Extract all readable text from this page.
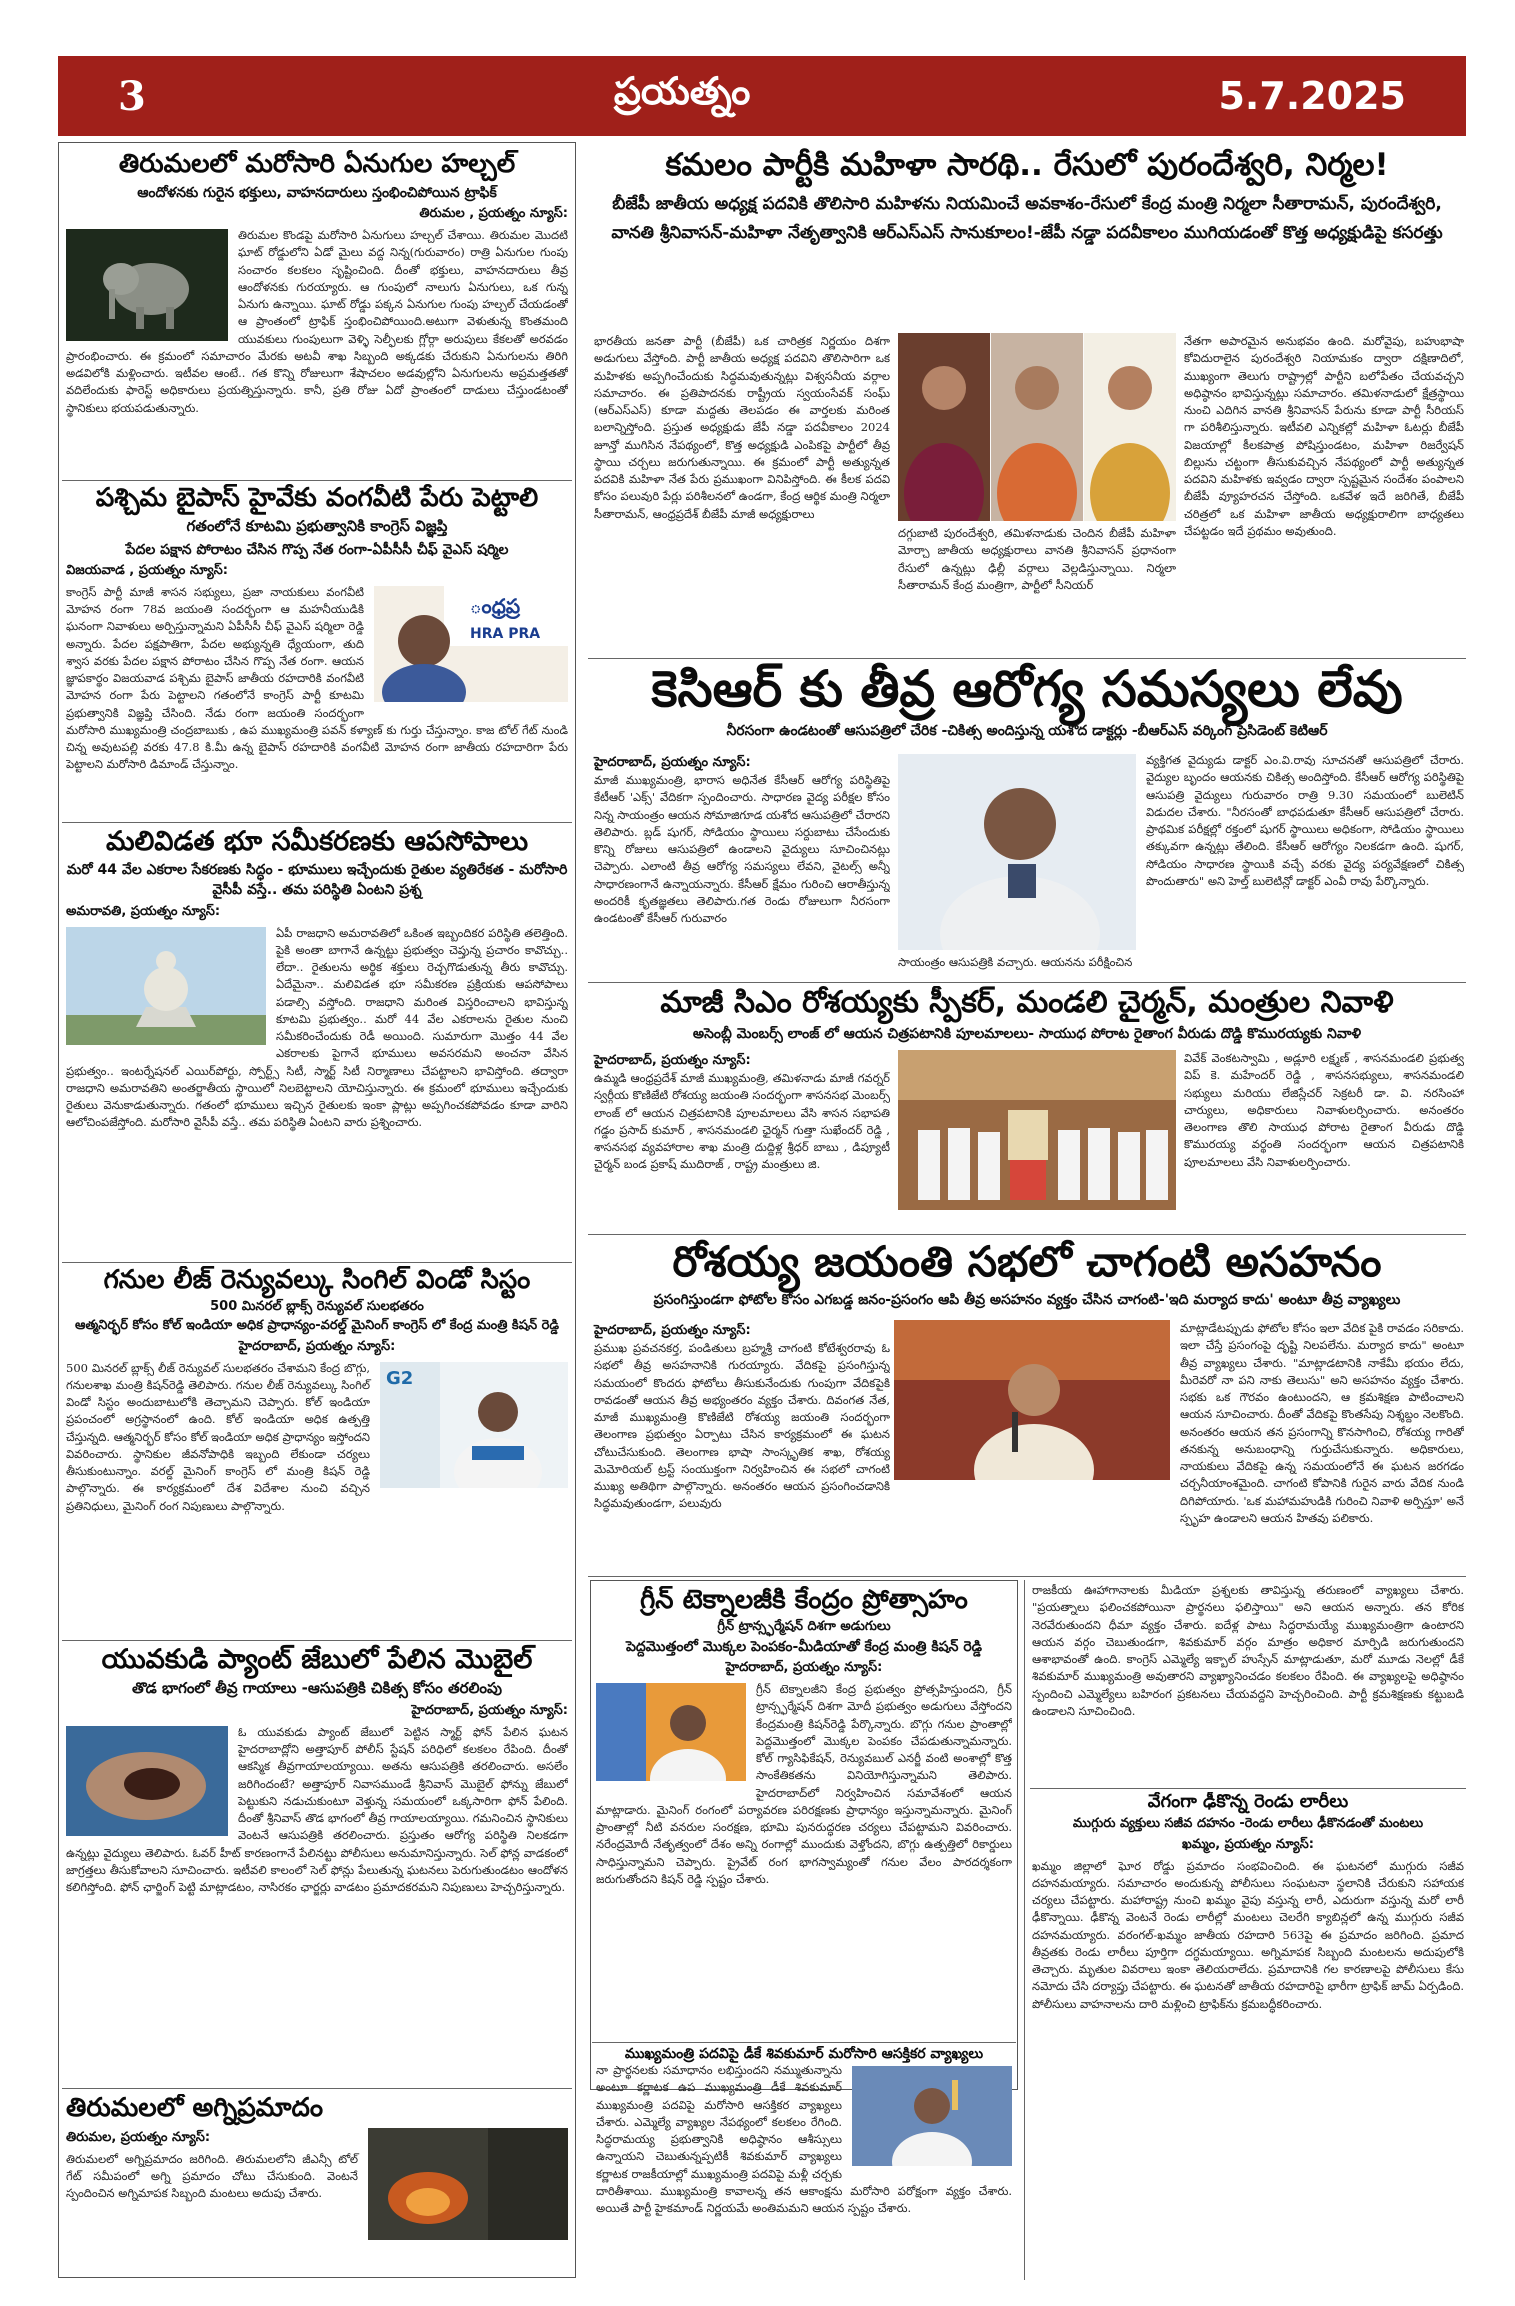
3	ప్రయత్నం	5.7.2025
తిరుమలలో మరోసారి ఏనుగుల హల్చల్
ఆందోళనకు గురైన భక్తులు, వాహనదారులు స్తంభించిపోయిన ట్రాఫిక్
తిరుమల , ప్రయత్నం న్యూస్:
తిరుమల కొండపై మరోసారి ఏనుగులు హల్చల్ చేశాయి. తిరుమల మొదటి ఘాట్ రోడ్డులోని ఏడో మైలు వద్ద నిన్న(గురువారం) రాత్రి ఏనుగుల గుంపు సంచారం కలకలం సృష్టించింది. దీంతో భక్తులు, వాహనదారులు తీవ్ర ఆందోళనకు గురయ్యారు. ఆ గుంపులో నాలుగు ఏనుగులు, ఒక గున్న ఏనుగు ఉన్నాయి. ఘాట్ రోడ్డు పక్కన ఏనుగుల గుంపు హల్చల్ చేయడంతో ఆ ప్రాంతంలో ట్రాఫిక్ స్తంభించిపోయింది.అటుగా వెళుతున్న కొంతమంది యువకులు గుంపులుగా వెళ్ళి సెల్ఫీలకు గ్లోర్గా అరుపులు కేకలతో అరవడం ప్రారంభించారు. ఈ క్రమంలో సమాచారం మేరకు అటవీ శాఖ సిబ్బంది అక్కడకు చేరుకుని ఏనుగులను తిరిగి అడవిలోకి మళ్లించారు. ఇటీవల ఆంటే.. గత కొన్ని రోజులుగా శేషాచలం అడవుల్లోని ఏనుగులను అప్రమత్తతతో వదిలేందుకు ఫారెస్ట్ అధికారులు ప్రయత్నిస్తున్నారు. కానీ, ప్రతి రోజు ఏదో ప్రాంతంలో దాడులు చేస్తుండటంతో స్థానికులు భయపడుతున్నారు.
పశ్చిమ బైపాస్ హైవేకు వంగవీటి పేరు పెట్టాలి
గతంలోనే కూటమి ప్రభుత్వానికి కాంగ్రెస్ విజ్ఞప్తి
పేదల పక్షాన పోరాటం చేసిన గొప్ప నేత రంగా-ఏపీసీసీ చీఫ్ వైఎస్ షర్మిల
విజయవాడ , ప్రయత్నం న్యూస్:
ంధ్రప్ర
HRA PRA
కాంగ్రెస్ పార్టీ మాజీ శాసన సభ్యులు, ప్రజా నాయకులు వంగవీటి మోహన రంగా 78వ జయంతి సందర్భంగా ఆ మహనీయుడికి ఘనంగా నివాళులు అర్పిస్తున్నామని ఏపీసీసీ చీఫ్ వైఎస్ షర్మిలా రెడ్డి అన్నారు. పేదల పక్షపాతిగా, పేదల అభ్యున్నతి ధ్యేయంగా, తుది శ్వాస వరకు పేదల పక్షాన పోరాటం చేసిన గొప్ప నేత రంగా. ఆయన జ్ఞాపకార్థం విజయవాడ పశ్చిమ బైపాస్ జాతీయ రహదారికి వంగవీటి మోహన రంగా పేరు పెట్టాలని గతంలోనే కాంగ్రెస్ పార్టీ కూటమి ప్రభుత్వానికి విజ్ఞప్తి చేసింది. నేడు రంగా జయంతి సందర్భంగా మరోసారి ముఖ్యమంత్రి చంద్రబాబుకు , ఉప ముఖ్యమంత్రి పవన్ కళ్యాణ్ కు గుర్తు చేస్తున్నాం. కాజ టోల్ గేట్ నుండి చిన్న అవుటపల్లి వరకు 47.8 కి.మీ ఉన్న బైపాస్ రహదారికి వంగవీటి మోహన రంగా జాతీయ రహదారిగా పేరు పెట్టాలని మరోసారి డిమాండ్ చేస్తున్నాం.
మలివిడత భూ సమీకరణకు ఆపసోపాలు
మరో 44 వేల ఎకరాల సేకరణకు సిద్ధం - భూములు ఇచ్చేందుకు రైతుల వ్యతిరేకత - మరోసారి వైసీపీ వస్తే.. తమ పరిస్థితి ఏంటని ప్రశ్న
అమరావతి, ప్రయత్నం న్యూస్:
ఏపీ రాజధాని అమరావతిలో ఒకింత ఇబ్బందికర పరిస్థితి తలెత్తింది. పైకి అంతా బాగానే ఉన్నట్టు ప్రభుత్వం చెప్తున్న ప్రచారం కావొచ్చు.. లేదా.. రైతులను అర్థిక శక్తులు రెచ్చగొడుతున్న తీరు కావొచ్చు. ఏదేమైనా.. మలివిడత భూ సమీకరణ ప్రక్రియకు ఆపసోపాలు పడాల్సి వస్తోంది. రాజధాని మరింత విస్తరించాలని భావిస్తున్న కూటమి ప్రభుత్వం.. మరో 44 వేల ఎకరాలను రైతుల నుంచి సమీకరించేందుకు రెడీ అయింది. సుమారుగా మొత్తం 44 వేల ఎకరాలకు పైగానే భూములు అవసరమని అంచనా వేసిన ప్రభుత్వం.. ఇంటర్నేషనల్ ఎయిర్‌పోర్టు, స్పోర్ట్స్ సిటీ, స్మార్ట్ సిటీ నిర్మాణాలు చేపట్టాలని భావిస్తోంది. తద్వారా రాజధాని అమరావతిని అంతర్జాతీయ స్థాయిలో నిలబెట్టాలని యోచిస్తున్నారు. ఈ క్రమంలో భూములు ఇచ్చేందుకు రైతులు వెనుకాడుతున్నారు. గతంలో భూములు ఇచ్చిన రైతులకు ఇంకా ప్లాట్లు అప్పగించకపోవడం కూడా వారిని ఆలోచింపజేస్తోంది. మరోసారి వైసీపీ వస్తే.. తమ పరిస్థితి ఏంటని వారు ప్రశ్నించారు.
గనుల లీజ్ రెన్యువల్కు సింగిల్ విండో సిస్టం
500 మినరల్ బ్లాక్స్ రెన్యువల్ సులభతరం
ఆత్మనిర్భర్ కోసం కోల్ ఇండియా అధిక ప్రాధాన్యం-వరల్డ్ మైనింగ్ కాంగ్రెస్ లో కేంద్ర మంత్రి కిషన్ రెడ్డి
హైదరాబాద్, ప్రయత్నం న్యూస్:
G2
500 మినరల్ బ్లాక్స్ లీజ్ రెన్యువల్ సులభతరం చేశామని కేంద్ర బొగ్గు, గనులశాఖ మంత్రి కిషన్‌రెడ్డి తెలిపారు. గనుల లీజ్ రెన్యువల్కు సింగిల్ విండో సిస్టం అందుబాటులోకి తెచ్చామని చెప్పారు. కోల్ ఇండియా ప్రపంచంలో అగ్రస్థానంలో ఉంది. కోల్ ఇండియా అధిక ఉత్పత్తి చేస్తున్నది. ఆత్మనిర్భర్ కోసం కోల్ ఇండియా అధిక ప్రాధాన్యం ఇస్తోందని వివరించారు. స్థానికుల జీవనోపాధికి ఇబ్బంది లేకుండా చర్యలు తీసుకుంటున్నాం. వరల్డ్ మైనింగ్ కాంగ్రెస్ లో మంత్రి కిషన్ రెడ్డి పాల్గొన్నారు. ఈ కార్యక్రమంలో దేశ విదేశాల నుంచి వచ్చిన ప్రతినిధులు, మైనింగ్ రంగ నిపుణులు పాల్గొన్నారు.
యువకుడి ప్యాంట్ జేబులో పేలిన మొబైల్
తొడ భాగంలో తీవ్ర గాయాలు -ఆసుపత్రికి చికిత్స కోసం తరలింపు
హైదరాబాద్, ప్రయత్నం న్యూస్:
ఓ యువకుడు ప్యాంట్ జేబులో పెట్టిన స్మార్ట్ ఫోన్ పేలిన ఘటన హైదరాబాద్లోని అత్తాపూర్ పోలీస్ స్టేషన్ పరిధిలో కలకలం రేపింది. దీంతో ఆకస్మిక తీవ్రగాయాలయ్యాయి. అతను ఆసుపత్రికి తరలించారు. అసలేం జరిగిందంటే? అత్తాపూర్ నివాసముండే శ్రీనివాస్ మొబైల్ ఫోన్ను జేబులో పెట్టుకుని నడుచుకుంటూ వెళ్తున్న సమయంలో ఒక్కసారిగా ఫోన్ పేలింది. దీంతో శ్రీనివాస్ తొడ భాగంలో తీవ్ర గాయాలయ్యాయి. గమనించిన స్థానికులు వెంటనే ఆసుపత్రికి తరలించారు. ప్రస్తుతం ఆరోగ్య పరిస్థితి నిలకడగా ఉన్నట్లు వైద్యులు తెలిపారు. ఓవర్ హీట్ కారణంగానే పేలినట్టు పోలీసులు అనుమానిస్తున్నారు. సెల్ ఫోన్ల వాడకంలో జాగ్రత్తలు తీసుకోవాలని సూచించారు. ఇటీవలి కాలంలో సెల్ ఫోన్లు పేలుతున్న ఘటనలు పెరుగుతుండటం ఆందోళన కలిగిస్తోంది. ఫోన్ ఛార్జింగ్ పెట్టి మాట్లాడటం, నాసిరకం ఛార్జర్లు వాడటం ప్రమాదకరమని నిపుణులు హెచ్చరిస్తున్నారు.
తిరుమలలో అగ్నిప్రమాదం
తిరుమల, ప్రయత్నం న్యూస్:
తిరుమలలో అగ్నిప్రమాదం జరిగింది. తిరుమలలోని జీఎన్సీ టోల్ గేట్ సమీపంలో అగ్ని ప్రమాదం చోటు చేసుకుంది. వెంటనే స్పందించిన అగ్నిమాపక సిబ్బంది మంటలు అదుపు చేశారు.
కమలం పార్టీకి మహిళా సారథి.. రేసులో పురందేశ్వరి, నిర్మల!
బీజేపీ జాతీయ అధ్యక్ష పదవికి తొలిసారి మహిళను నియమించే అవకాశం-రేసులో కేంద్ర మంత్రి నిర్మలా సీతారామన్, పురందేశ్వరి, వానతి శ్రీనివాసన్-మహిళా నేతృత్వానికి ఆర్ఎస్ఎస్ సానుకూలం!-జేపీ నడ్డా పదవీకాలం ముగియడంతో కొత్త అధ్యక్షుడిపై కసరత్తు
భారతీయ జనతా పార్టీ (బీజేపీ) ఒక చారిత్రక నిర్ణయం దిశగా అడుగులు వేస్తోంది. పార్టీ జాతీయ అధ్యక్ష పదవిని తొలిసారిగా ఒక మహిళకు అప్పగించేందుకు సిద్ధమవుతున్నట్లు విశ్వసనీయ వర్గాల సమాచారం. ఈ ప్రతిపాదనకు రాష్ట్రీయ స్వయంసేవక్ సంఘ్ (ఆర్ఎస్ఎస్) కూడా మద్దతు తెలపడం ఈ వార్తలకు మరింత బలాన్నిస్తోంది. ప్రస్తుత అధ్యక్షుడు జేపీ నడ్డా పదవీకాలం 2024 జూన్తో ముగిసిన నేపథ్యంలో, కొత్త అధ్యక్షుడి ఎంపికపై పార్టీలో తీవ్ర స్థాయి చర్చలు జరుగుతున్నాయి. ఈ క్రమంలో పార్టీ అత్యున్నత పదవికి మహిళా నేత పేరు ప్రముఖంగా వినిపిస్తోంది. ఈ కీలక పదవి కోసం పలువురి పేర్లు పరిశీలనలో ఉండగా, కేంద్ర ఆర్థిక మంత్రి నిర్మలా సీతారామన్, ఆంధ్రప్రదేశ్ బీజేపీ మాజీ అధ్యక్షురాలు
దగ్గుబాటి పురందేశ్వరి, తమిళనాడుకు చెందిన బీజేపీ మహిళా మోర్చా జాతీయ అధ్యక్షురాలు వానతి శ్రీనివాసన్ ప్రధానంగా రేసులో ఉన్నట్లు ఢిల్లీ వర్గాలు వెల్లడిస్తున్నాయి. నిర్మలా సీతారామన్ కేంద్ర మంత్రిగా, పార్టీలో సీనియర్
నేతగా అపారమైన అనుభవం ఉంది. మరోవైపు, బహుభాషా కోవిదురాలైన పురందేశ్వరి నియామకం ద్వారా దక్షిణాదిలో, ముఖ్యంగా తెలుగు రాష్ట్రాల్లో పార్టీని బలోపేతం చేయవచ్చని అధిష్ఠానం భావిస్తున్నట్లు సమాచారం. తమిళనాడులో క్షేత్రస్థాయి నుంచి ఎదిగిన వానతి శ్రీనివాసన్ పేరును కూడా పార్టీ సీరియస్ గా పరిశీలిస్తున్నారు. ఇటీవలి ఎన్నికల్లో మహిళా ఓటర్లు బీజేపీ విజయాల్లో కీలకపాత్ర పోషిస్తుండటం, మహిళా రిజర్వేషన్ బిల్లును చట్టంగా తీసుకువచ్చిన నేపథ్యంలో పార్టీ అత్యున్నత పదవిని మహిళకు ఇవ్వడం ద్వారా స్పష్టమైన సందేశం పంపాలని బీజేపీ వ్యూహరచన చేస్తోంది. ఒకవేళ ఇదే జరిగితే, బీజేపీ చరిత్రలో ఒక మహిళా జాతీయ అధ్యక్షురాలిగా బాధ్యతలు చేపట్టడం ఇదే ప్రథమం అవుతుంది.
కెసిఆర్ కు తీవ్ర ఆరోగ్య సమస్యలు లేవు
నీరసంగా ఉండటంతో ఆసుపత్రిలో చేరిక -చికిత్స అందిస్తున్న యశోద డాక్టర్లు -బీఆర్ఎస్ వర్కింగ్ ప్రెసిడెంట్ కెటిఆర్
హైదరాబాద్, ప్రయత్నం న్యూస్:
మాజీ ముఖ్యమంత్రి, భారాస అధినేత కేసీఆర్ ఆరోగ్య పరిస్థితిపై కేటీఆర్ 'ఎక్స్' వేదికగా స్పందించారు. సాధారణ వైద్య పరీక్షల కోసం నిన్న సాయంత్రం ఆయన సోమాజిగూడ యశోద ఆసుపత్రిలో చేరారని తెలిపారు. బ్లడ్ షుగర్, సోడియం స్థాయిలు సర్దుబాటు చేసేందుకు కొన్ని రోజులు ఆసుపత్రిలో ఉండాలని వైద్యులు సూచించినట్లు చెప్పారు. ఎలాంటి తీవ్ర ఆరోగ్య సమస్యలు లేవని, వైటల్స్ అన్నీ సాధారణంగానే ఉన్నాయన్నారు. కేసీఆర్ క్షేమం గురించి ఆరాతీస్తున్న అందరికీ కృతజ్ఞతలు తెలిపారు.గత రెండు రోజులుగా నీరసంగా ఉండటంతో కేసీఆర్ గురువారం
సాయంత్రం ఆసుపత్రికి వచ్చారు. ఆయనను పరీక్షించిన
వ్యక్తిగత వైద్యుడు డాక్టర్ ఎం.వి.రావు సూచనతో ఆసుపత్రిలో చేరారు. వైద్యుల బృందం ఆయనకు చికిత్స అందిస్తోంది. కేసీఆర్ ఆరోగ్య పరిస్థితిపై ఆసుపత్రి వైద్యులు గురువారం రాత్రి 9.30 సమయంలో బులెటిన్ విడుదల చేశారు. "నీరసంతో బాధపడుతూ కేసీఆర్ ఆసుపత్రిలో చేరారు. ప్రాథమిక పరీక్షల్లో రక్తంలో షుగర్ స్థాయిలు అధికంగా, సోడియం స్థాయిలు తక్కువగా ఉన్నట్లు తేలింది. కేసీఆర్ ఆరోగ్యం నిలకడగా ఉంది. షుగర్, సోడియం సాధారణ స్థాయికి వచ్చే వరకు వైద్య పర్యవేక్షణలో చికిత్స పొందుతారు" అని హెల్త్ బులెటిన్లో డాక్టర్ ఎంవీ రావు పేర్కొన్నారు.
మాజీ సిఎం రోశయ్యకు స్పీకర్, మండలి చైర్మన్, మంత్రుల నివాళి
అసెంబ్లీ మెంబర్స్ లాంజ్ లో ఆయన చిత్రపటానికి పూలమాలలు- సాయుధ పోరాట రైతాంగ వీరుడు దొడ్డి కొమురయ్యకు నివాళి
హైదరాబాద్, ప్రయత్నం న్యూస్:
ఉమ్మడి ఆంధ్రప్రదేశ్ మాజీ ముఖ్యమంత్రి, తమిళనాడు మాజీ గవర్నర్ స్వర్గీయ కొణిజేటి రోశయ్య జయంతి సందర్భంగా శాసనసభ మెంబర్స్ లాంజ్ లో ఆయన చిత్రపటానికి పూలమాలలు వేసి శాసన సభాపతి గడ్డం ప్రసాద్ కుమార్ , శాసనమండలి ఛైర్మన్ గుత్తా సుఖేందర్ రెడ్డి , శాసనసభ వ్యవహారాల శాఖ మంత్రి దుద్దిళ్ల శ్రీధర్ బాబు , డిప్యూటీ చైర్మన్ బండ ప్రకాష్ ముదిరాజ్ , రాష్ట్ర మంత్రులు జి.
వివేక్ వెంకటస్వామి , అడ్లూరి లక్ష్మణ్ , శాసనమండలి ప్రభుత్వ విప్ కె. మహేందర్ రెడ్డి , శాసనసభ్యులు, శాసనమండలి సభ్యులు మరియు లేజిస్లేచర్ సెక్రటరీ డా. వి. నరసింహా చార్యులు, అధికారులు నివాళులర్పించారు. అనంతరం తెలంగాణ తొలి సాయుధ పోరాట రైతాంగ వీరుడు దొడ్డి కొమురయ్య వర్థంతి సందర్భంగా ఆయన చిత్రపటానికి పూలమాలలు వేసి నివాళులర్పించారు.
రోశయ్య జయంతి సభలో చాగంటి అసహనం
ప్రసంగిస్తుండగా ఫోటోల కోసం ఎగబడ్డ జనం-ప్రసంగం ఆపి తీవ్ర అసహనం వ్యక్తం చేసిన చాగంటి-'ఇది మర్యాద కాదు' అంటూ తీవ్ర వ్యాఖ్యలు
హైదరాబాద్, ప్రయత్నం న్యూస్:
ప్రముఖ ప్రవచనకర్త, పండితులు బ్రహ్మశ్రీ చాగంటి కోటేశ్వరరావు ఓ సభలో తీవ్ర అసహనానికి గురయ్యారు. వేదికపై ప్రసంగిస్తున్న సమయంలో కొందరు ఫోటోలు తీసుకునేందుకు గుంపుగా వేదికపైకి రావడంతో ఆయన తీవ్ర అభ్యంతరం వ్యక్తం చేశారు. దివంగత నేత, మాజీ ముఖ్యమంత్రి కొణిజేటి రోశయ్య జయంతి సందర్భంగా తెలంగాణ ప్రభుత్వం ఏర్పాటు చేసిన కార్యక్రమంలో ఈ ఘటన చోటుచేసుకుంది. తెలంగాణ భాషా సాంస్కృతిక శాఖ, రోశయ్య మెమోరియల్ ట్రస్ట్ సంయుక్తంగా నిర్వహించిన ఈ సభలో చాగంటి ముఖ్య అతిథిగా పాల్గొన్నారు. అనంతరం ఆయన ప్రసంగించడానికి సిద్ధమవుతుండగా, పలువురు
మాట్లాడేటప్పుడు ఫోటోల కోసం ఇలా వేదిక పైకి రావడం సరికాదు. ఇలా చేస్తే ప్రసంగంపై దృష్టి నిలపలేను. మర్యాద కాదు" అంటూ తీవ్ర వ్యాఖ్యలు చేశారు. "మాట్లాడటానికి నాకేమీ భయం లేదు, మీరెవరో నా పని నాకు తెలుసు" అని అసహనం వ్యక్తం చేశారు. సభకు ఒక గౌరవం ఉంటుందని, ఆ క్రమశిక్షణ పాటించాలని ఆయన సూచించారు. దీంతో వేదికపై కొంతసేపు నిశ్శబ్దం నెలకొంది. అనంతరం ఆయన తన ప్రసంగాన్ని కొనసాగించి, రోశయ్య గారితో తనకున్న అనుబంధాన్ని గుర్తుచేసుకున్నారు. అధికారులు, నాయకులు వేదికపై ఉన్న సమయంలోనే ఈ ఘటన జరగడం చర్చనీయాంశమైంది. చాగంటి కోపానికి గురైన వారు వేదిక నుండి దిగిపోయారు. 'ఒక మహామహుడికి గురించి నివాళి అర్పిస్తూ' అనే స్పృహ ఉండాలని ఆయన హితవు పలికారు.
గ్రీన్ టెక్నాలజీకి కేంద్రం ప్రోత్సాహం
గ్రీన్ ట్రాన్స్ఫర్మేషన్ దిశగా అడుగులు
పెద్దమొత్తంలో మొక్కల పెంపకం-మీడియాతో కేంద్ర మంత్రి కిషన్ రెడ్డి
హైదరాబాద్, ప్రయత్నం న్యూస్:
గ్రీన్ టెక్నాలజీని కేంద్ర ప్రభుత్వం ప్రోత్సహిస్తుందని, గ్రీన్ ట్రాన్స్ఫర్మేషన్ దిశగా మోదీ ప్రభుత్వం అడుగులు వేస్తోందని కేంద్రమంత్రి కిషన్‌రెడ్డి పేర్కొన్నారు. బొగ్గు గనుల ప్రాంతాల్లో పెద్దమొత్తంలో మొక్కల పెంపకం చేపడుతున్నామన్నారు. కోల్ గ్యాసిఫికేషన్, రెన్యువబుల్ ఎనర్జీ వంటి అంశాల్లో కొత్త సాంకేతికతను వినియోగిస్తున్నామని తెలిపారు. హైదరాబాద్‌లో నిర్వహించిన సమావేశంలో ఆయన మాట్లాడారు. మైనింగ్ రంగంలో పర్యావరణ పరిరక్షణకు ప్రాధాన్యం ఇస్తున్నామన్నారు. మైనింగ్ ప్రాంతాల్లో నీటి వనరుల సంరక్షణ, భూమి పునరుద్ధరణ చర్యలు చేపట్టామని వివరించారు. నరేంద్రమోదీ నేతృత్వంలో దేశం అన్ని రంగాల్లో ముందుకు వెళ్తోందని, బొగ్గు ఉత్పత్తిలో రికార్డులు సాధిస్తున్నామని చెప్పారు. ప్రైవేట్ రంగ భాగస్వామ్యంతో గనుల వేలం పారదర్శకంగా జరుగుతోందని కిషన్ రెడ్డి స్పష్టం చేశారు.
ముఖ్యమంత్రి పదవిపై డీకే శివకుమార్ మరోసారి ఆసక్తికర వ్యాఖ్యలు
నా ప్రార్థనలకు సమాధానం లభిస్తుందని నమ్ముతున్నాను అంటూ కర్ణాటక ఉప ముఖ్యమంత్రి డీకే శివకుమార్ ముఖ్యమంత్రి పదవిపై మరోసారి ఆసక్తికర వ్యాఖ్యలు చేశారు. ఎమ్మెల్యే వ్యాఖ్యల నేపథ్యంలో కలకలం రేగింది. సిద్ధరామయ్య ప్రభుత్వానికి అధిష్ఠానం ఆశీస్సులు ఉన్నాయని చెబుతున్నప్పటికీ శివకుమార్ వ్యాఖ్యలు కర్ణాటక రాజకీయాల్లో ముఖ్యమంత్రి పదవిపై మళ్లీ చర్చకు దారితీశాయి. ముఖ్యమంత్రి కావాలన్న తన ఆకాంక్షను మరోసారి పరోక్షంగా వ్యక్తం చేశారు. అయితే పార్టీ హైకమాండ్ నిర్ణయమే అంతిమమని ఆయన స్పష్టం చేశారు.
రాజకీయ ఊహాగానాలకు మీడియా ప్రశ్నలకు తావిస్తున్న తరుణంలో వ్యాఖ్యలు చేశారు. "ప్రయత్నాలు ఫలించకపోయినా ప్రార్థనలు ఫలిస్తాయి" అని ఆయన అన్నారు. తన కోరిక నెరవేరుతుందని ధీమా వ్యక్తం చేశారు. ఐదేళ్ల పాటు సిద్ధరామయ్యే ముఖ్యమంత్రిగా ఉంటారని ఆయన వర్గం చెబుతుండగా, శివకుమార్ వర్గం మాత్రం అధికార మార్పిడి జరుగుతుందని ఆశాభావంతో ఉంది. కాంగ్రెస్ ఎమ్మెల్యే ఇక్బాల్ హుస్సేన్ మాట్లాడుతూ, మరో మూడు నెలల్లో డీకే శివకుమార్ ముఖ్యమంత్రి అవుతారని వ్యాఖ్యానించడం కలకలం రేపింది. ఈ వ్యాఖ్యలపై అధిష్ఠానం స్పందించి ఎమ్మెల్యేలు బహిరంగ ప్రకటనలు చేయవద్దని హెచ్చరించింది. పార్టీ క్రమశిక్షణకు కట్టుబడి ఉండాలని సూచించింది.
వేగంగా ఢీకొన్న రెండు లారీలు
ముగ్గురు వ్యక్తులు సజీవ దహనం -రెండు లారీలు ఢీకొనడంతో మంటలు
ఖమ్మం, ప్రయత్నం న్యూస్:
ఖమ్మం జిల్లాలో ఘోర రోడ్డు ప్రమాదం సంభవించింది. ఈ ఘటనలో ముగ్గురు సజీవ దహనమయ్యారు. సమాచారం అందుకున్న పోలీసులు సంఘటనా స్థలానికి చేరుకుని సహాయక చర్యలు చేపట్టారు. మహారాష్ట్ర నుంచి ఖమ్మం వైపు వస్తున్న లారీ, ఎదురుగా వస్తున్న మరో లారీ ఢీకొన్నాయి. ఢీకొన్న వెంటనే రెండు లారీల్లో మంటలు చెలరేగి క్యాబిన్లలో ఉన్న ముగ్గురు సజీవ దహనమయ్యారు. వరంగల్-ఖమ్మం జాతీయ రహదారి 563పై ఈ ప్రమాదం జరిగింది. ప్రమాద తీవ్రతకు రెండు లారీలు పూర్తిగా దగ్ధమయ్యాయి. అగ్నిమాపక సిబ్బంది మంటలను అదుపులోకి తెచ్చారు. మృతుల వివరాలు ఇంకా తెలియరాలేదు. ప్రమాదానికి గల కారణాలపై పోలీసులు కేసు నమోదు చేసి దర్యాప్తు చేపట్టారు. ఈ ఘటనతో జాతీయ రహదారిపై భారీగా ట్రాఫిక్ జామ్ ఏర్పడింది. పోలీసులు వాహనాలను దారి మళ్లించి ట్రాఫిక్‌ను క్రమబద్ధీకరించారు.
